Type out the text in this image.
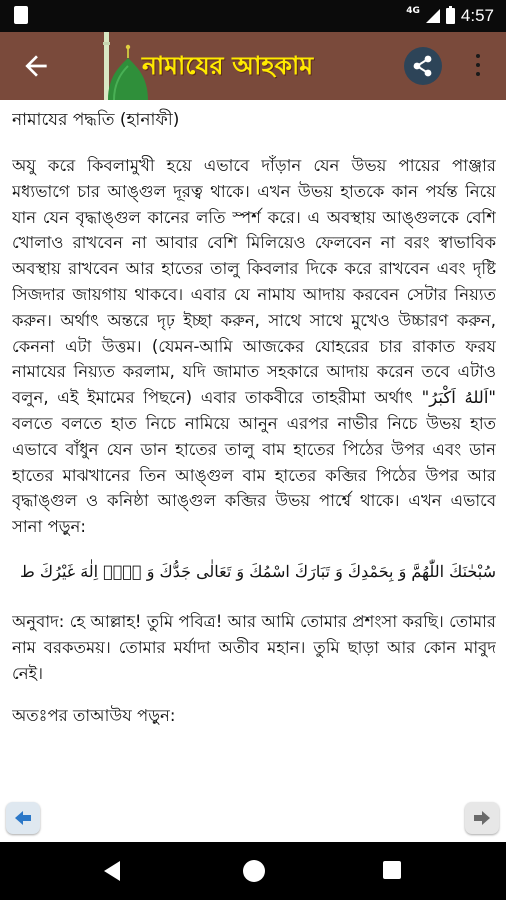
4G 4:57
নামাযের আহকাম

নামাযের পদ্ধতি (হানাফী)

অযু করে কিবলামুখী হয়ে এভাবে দাঁড়ান যেন উভয় পায়ের পাঞ্জার মধ্যভাগে চার আঙ্গুল দূরত্ব থাকে। এখন উভয় হাতকে কান পর্যন্ত নিয়ে যান যেন বৃদ্ধাঙ্গুল কানের লতি স্পর্শ করে। এ অবস্থায় আঙ্গুলকে বেশি খোলাও রাখবেন না আবার বেশি মিলিয়েও ফেলবেন না বরং স্বাভাবিক অবস্থায় রাখবেন আর হাতের তালু কিবলার দিকে করে রাখবেন এবং দৃষ্টি সিজদার জায়গায় থাকবে। এবার যে নামায আদায় করবেন সেটার নিয়্যত করুন। অর্থাৎ অন্তরে দৃঢ় ইচ্ছা করুন, সাথে সাথে মুখেও উচ্চারণ করুন, কেননা এটা উত্তম। (যেমন-আমি আজকের যোহরের চার রাকাত ফরয নামাযের নিয়্যত করলাম, যদি জামাত সহকারে আদায় করেন তবে এটাও বলুন, এই ইমামের পিছনে) এবার তাকবীরে তাহরীমা অর্থাৎ "اَللهُ اَكْبَرُ" বলতে বলতে হাত নিচে নামিয়ে আনুন এরপর নাভীর নিচে উভয় হাত এভাবে বাঁধুন যেন ডান হাতের তালু বাম হাতের পিঠের উপর এবং ডান হাতের মাঝখানের তিন আঙ্গুল বাম হাতের কব্জির পিঠের উপর আর বৃদ্ধাঙ্গুল ও কনিষ্ঠা আঙ্গুল কব্জির উভয় পার্শ্বে থাকে। এখন এভাবে সানা পড়ুন:

سُبْحٰنَكَ اللّٰهُمَّ وَ بِحَمْدِكَ وَ تَبَارَكَ اسْمُكَ وَ تَعَالٰى جَدُّكَ وَ لَاۤ اِلٰهَ غَيْرُكَ ط

অনুবাদ: হে আল্লাহ! তুমি পবিত্র! আর আমি তোমার প্রশংসা করছি। তোমার নাম বরকতময়। তোমার মর্যাদা অতীব মহান। তুমি ছাড়া আর কোন মাবুদ নেই।

অতঃপর তাআউয পড়ুন:
